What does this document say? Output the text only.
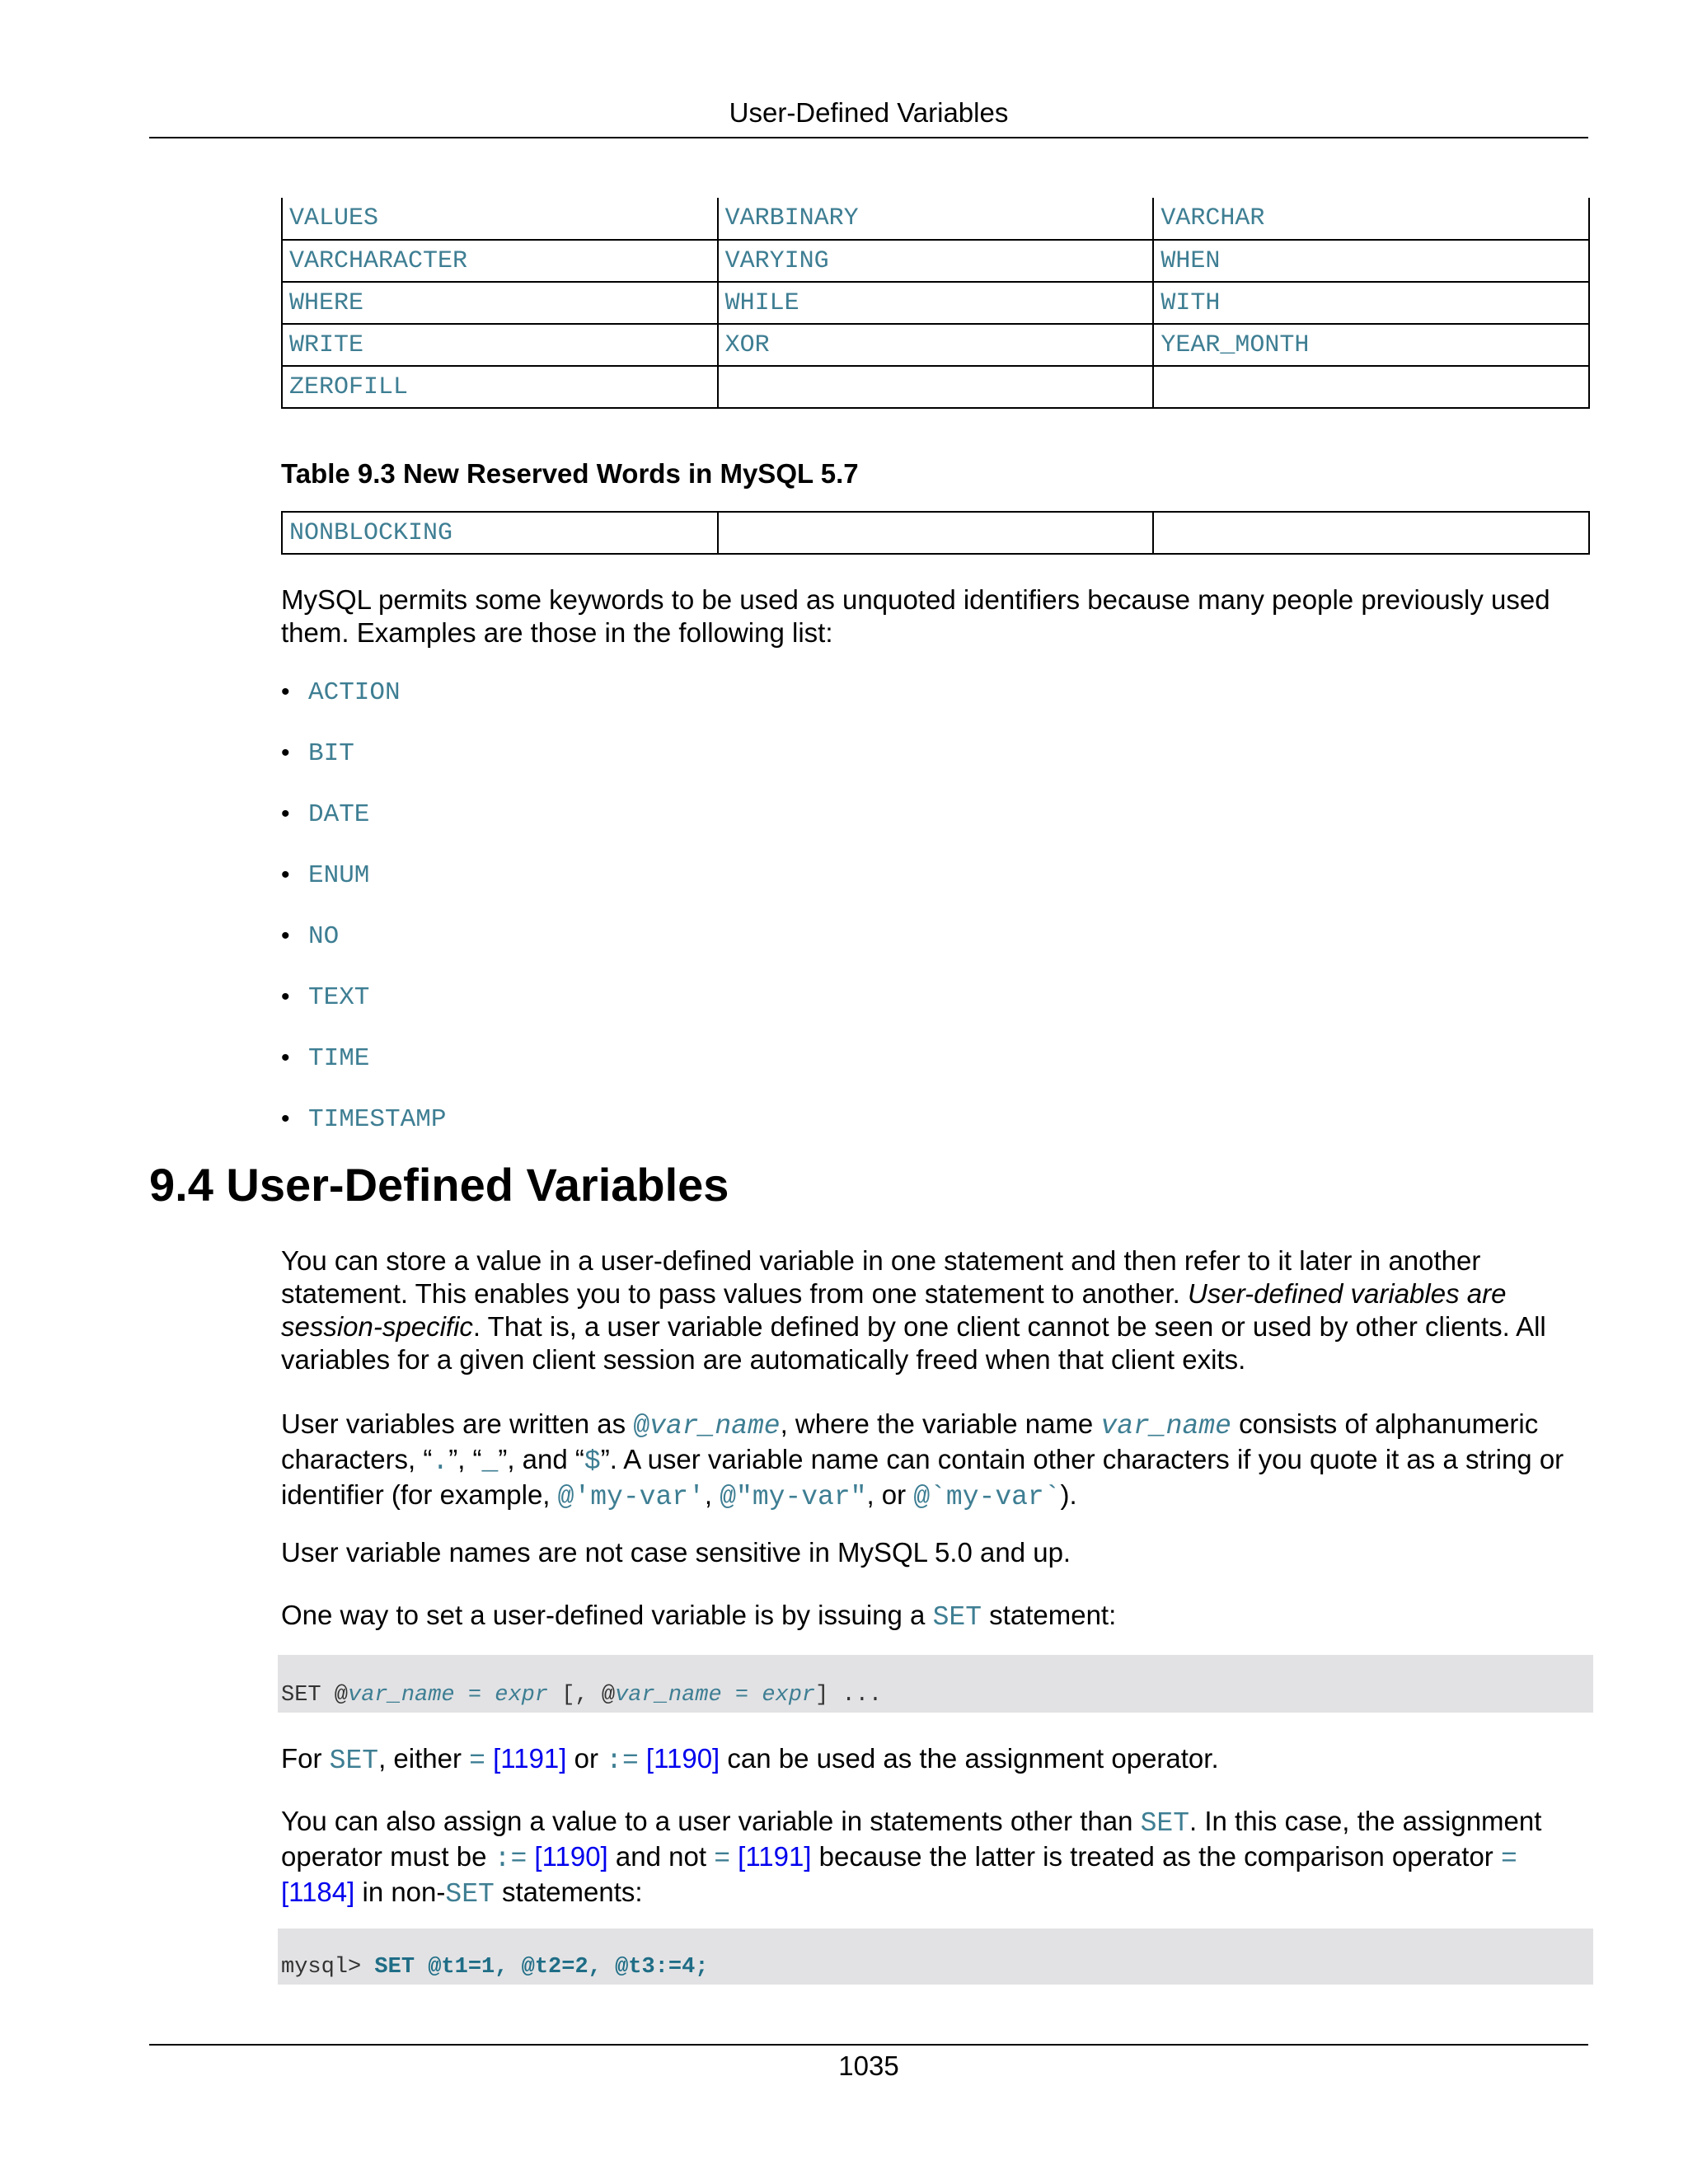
User-Defined Variables
VALUES	VARBINARY	VARCHAR
VARCHARACTER	VARYING	WHEN
WHERE	WHILE	WITH
WRITE	XOR	YEAR_MONTH
ZEROFILL		
Table 9.3 New Reserved Words in MySQL 5.7
NONBLOCKING		
MySQL permits some keywords to be used as unquoted identifiers because many people previously used them. Examples are those in the following list:
• ACTION
• BIT
• DATE
• ENUM
• NO
• TEXT
• TIME
• TIMESTAMP
9.4 User-Defined Variables
You can store a value in a user-defined variable in one statement and then refer to it later in another statement. This enables you to pass values from one statement to another. User-defined variables are session-specific. That is, a user variable defined by one client cannot be seen or used by other clients. All variables for a given client session are automatically freed when that client exits.
User variables are written as @var_name, where the variable name var_name consists of alphanumeric characters, “.”, “_”, and “$”. A user variable name can contain other characters if you quote it as a string or identifier (for example, @'my-var', @"my-var", or @`my-var`).
User variable names are not case sensitive in MySQL 5.0 and up.
One way to set a user-defined variable is by issuing a SET statement:
SET @var_name = expr [, @var_name = expr] ...
For SET, either = [1191] or := [1190] can be used as the assignment operator.
You can also assign a value to a user variable in statements other than SET. In this case, the assignment operator must be := [1190] and not = [1191] because the latter is treated as the comparison operator = [1184] in non-SET statements:
mysql> SET @t1=1, @t2=2, @t3:=4;
1035
